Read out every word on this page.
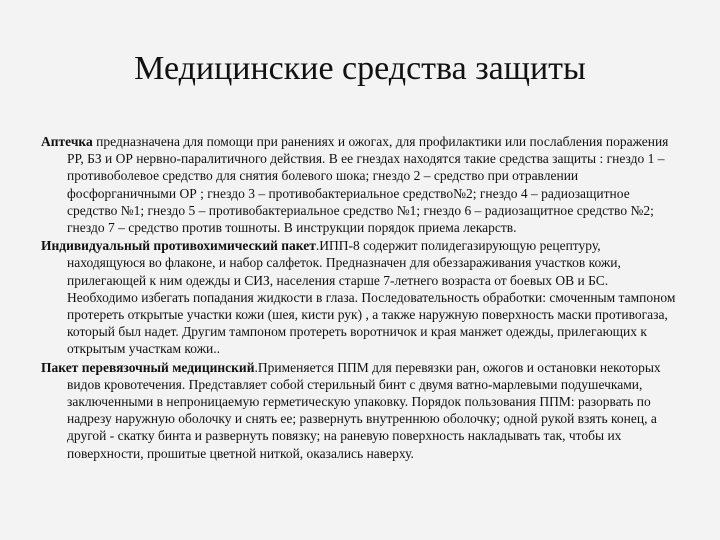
Медицинские средства защиты

Аптечка предназначена для помощи при ранениях и ожогах, для профилактики или послабления поражения РР, БЗ и ОР нервно-паралитичного действия. В ее гнездах находятся такие средства защиты : гнездо 1 – противоболевое средство для снятия болевого шока; гнездо 2 – средство при отравлении фосфорганичными ОР ; гнездо 3 – противобактериальное средство№2; гнездо 4 – радиозащитное средство №1; гнездо 5 – противобактериальное средство №1; гнездо 6 – радиозащитное средство №2; гнездо 7 – средство против тошноты. В инструкции порядок приема лекарств.

Индивидуальный противохимический пакет.ИПП-8 содержит полидегазирующую рецептуру, находящуюся во флаконе, и набор салфеток. Предназначен для обеззараживания участков кожи, прилегающей к ним одежды и СИЗ, населения старше 7-летнего возраста от боевых ОВ и БС. Необходимо избегать попадания жидкости в глаза. Последовательность обработки: смоченным тампоном протереть открытые участки кожи (шея, кисти рук) , а также наружную поверхность маски противогаза, который был надет. Другим тампоном протереть воротничок и края манжет одежды, прилегающих к открытым участкам кожи..

Пакет перевязочный медицинский.Применяется ППМ для перевязки ран, ожогов и остановки некоторых видов кровотечения. Представляет собой стерильный бинт с двумя ватно-марлевыми подушечками, заключенными в непроницаемую герметическую упаковку. Порядок пользования ППМ: разорвать по надрезу наружную оболочку и снять ее; развернуть внутреннюю оболочку; одной рукой взять конец, а другой - скатку бинта и развернуть повязку; на раневую поверхность накладывать так, чтобы их поверхности, прошитые цветной ниткой, оказались наверху.
